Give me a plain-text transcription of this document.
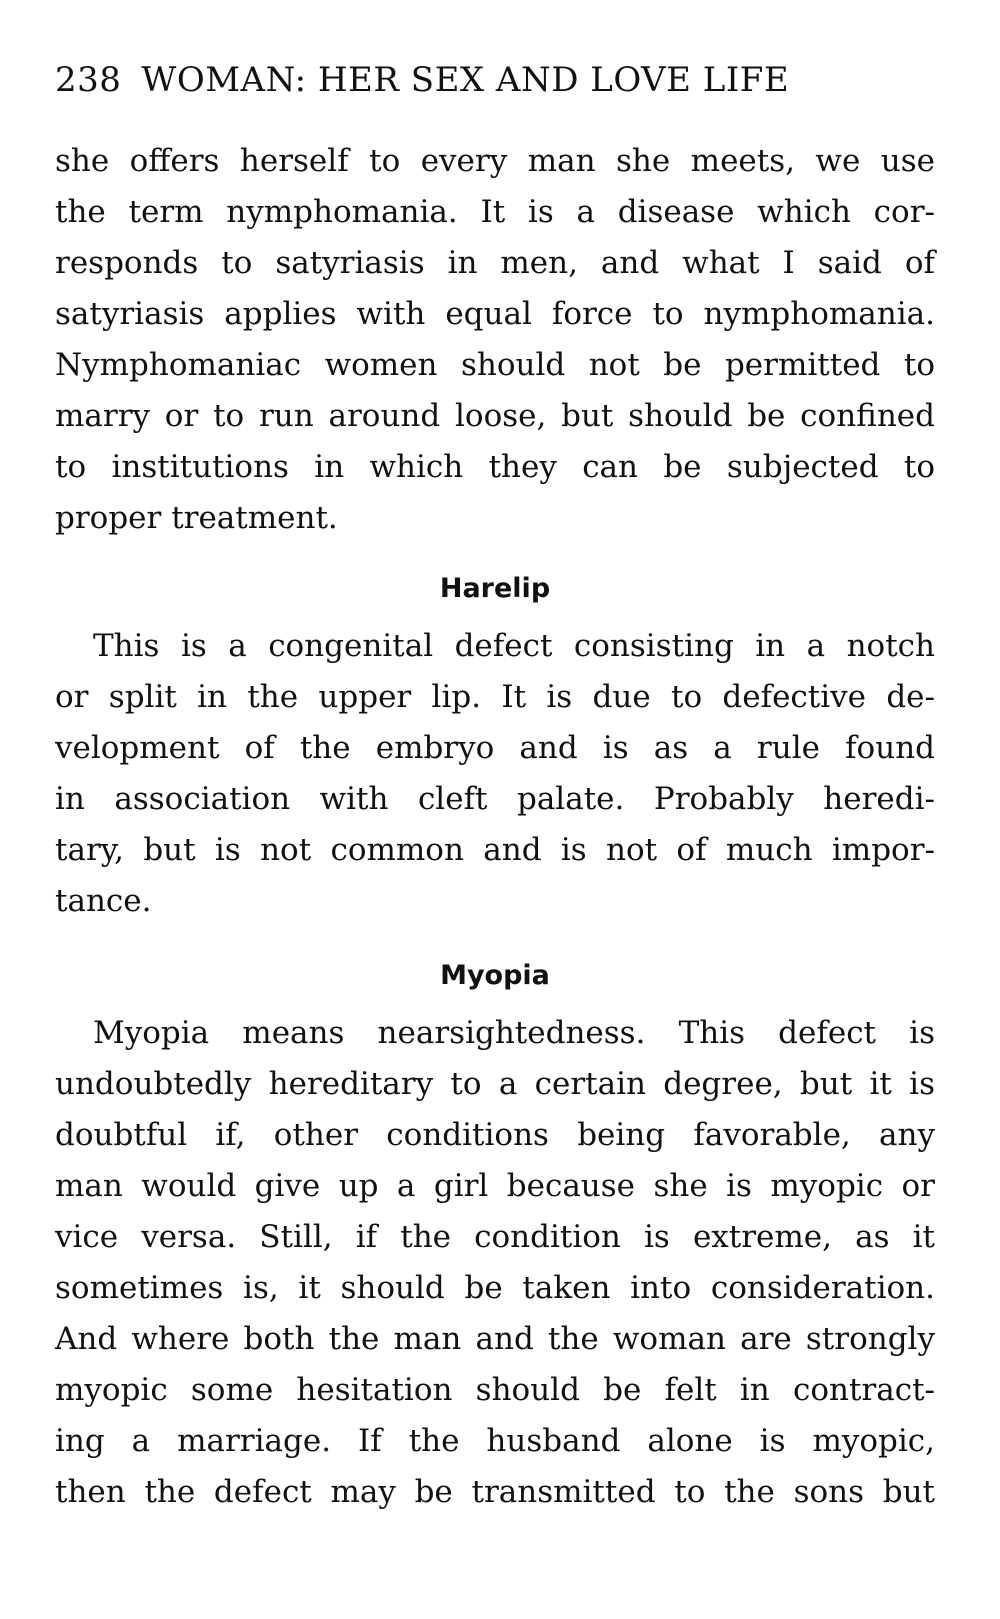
238 WOMAN: HER SEX AND LOVE LIFE
she offers herself to every man she meets, we use
the term nymphomania. It is a disease which cor-
responds to satyriasis in men, and what I said of
satyriasis applies with equal force to nymphomania.
Nymphomaniac women should not be permitted to
marry or to run around loose, but should be confined
to institutions in which they can be subjected to
proper treatment.
Harelip
This is a congenital defect consisting in a notch
or split in the upper lip. It is due to defective de-
velopment of the embryo and is as a rule found
in association with cleft palate. Probably heredi-
tary, but is not common and is not of much impor-
tance.
Myopia
Myopia means nearsightedness. This defect is
undoubtedly hereditary to a certain degree, but it is
doubtful if, other conditions being favorable, any
man would give up a girl because she is myopic or
vice versa. Still, if the condition is extreme, as it
sometimes is, it should be taken into consideration.
And where both the man and the woman are strongly
myopic some hesitation should be felt in contract-
ing a marriage. If the husband alone is myopic,
then the defect may be transmitted to the sons but
